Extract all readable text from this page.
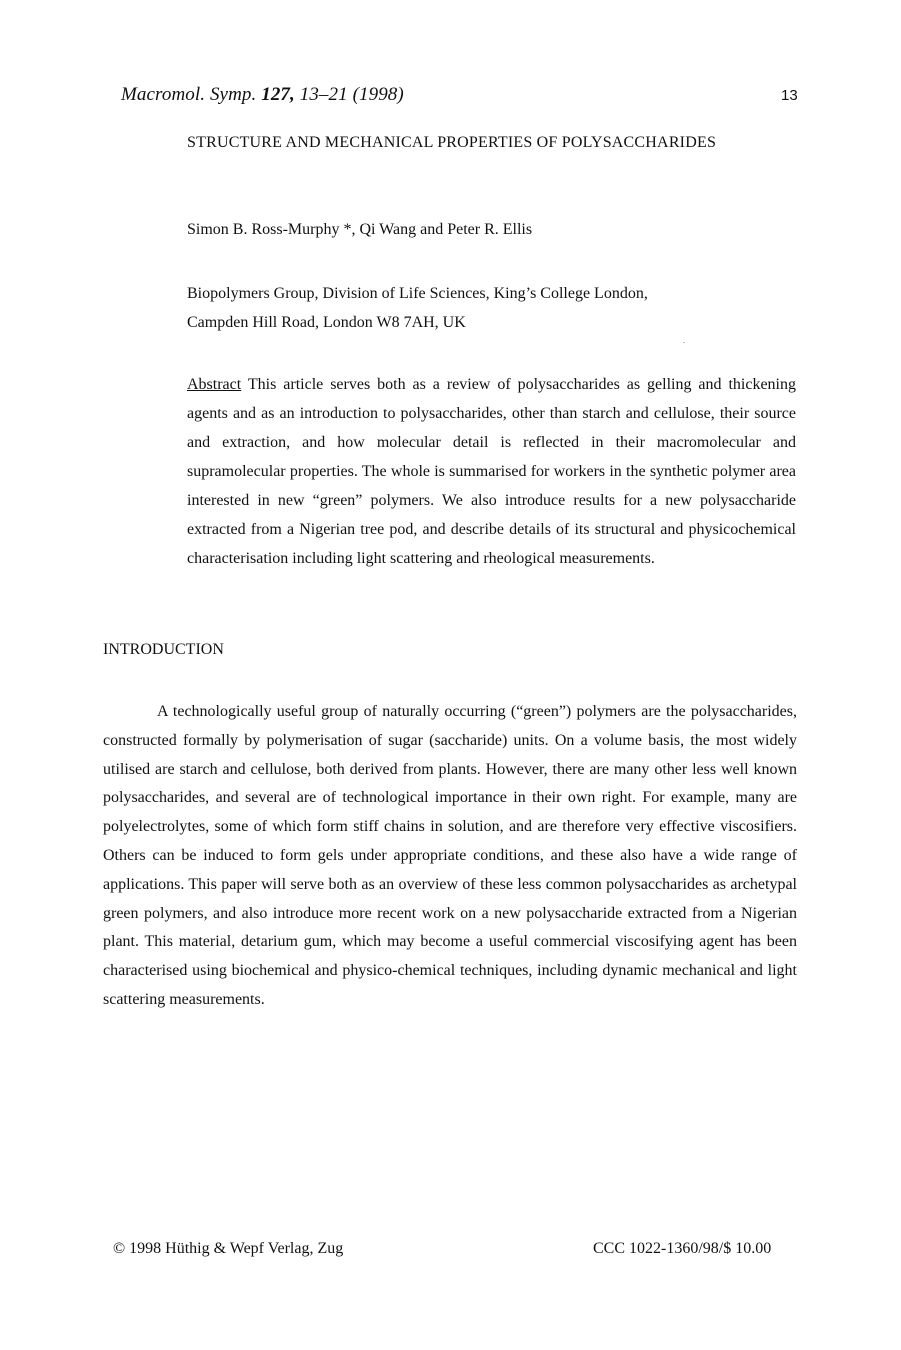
Macromol. Symp. 127, 13–21 (1998)	13
STRUCTURE AND MECHANICAL PROPERTIES OF POLYSACCHARIDES
Simon B. Ross-Murphy *, Qi Wang and Peter R. Ellis
Biopolymers Group, Division of Life Sciences, King’s College London,
Campden Hill Road, London W8 7AH, UK
Abstract This article serves both as a review of polysaccharides as gelling and thickening agents and as an introduction to polysaccharides, other than starch and cellulose, their source and extraction, and how molecular detail is reflected in their macromolecular and supramolecular properties. The whole is summarised for workers in the synthetic polymer area interested in new “green” polymers. We also introduce results for a new polysaccharide extracted from a Nigerian tree pod, and describe details of its structural and physicochemical characterisation including light scattering and rheological measurements.
INTRODUCTION
A technologically useful group of naturally occurring (“green”) polymers are the polysaccharides, constructed formally by polymerisation of sugar (saccharide) units. On a volume basis, the most widely utilised are starch and cellulose, both derived from plants. However, there are many other less well known polysaccharides, and several are of technological importance in their own right. For example, many are polyelectrolytes, some of which form stiff chains in solution, and are therefore very effective viscosifiers. Others can be induced to form gels under appropriate conditions, and these also have a wide range of applications. This paper will serve both as an overview of these less common polysaccharides as archetypal green polymers, and also introduce more recent work on a new polysaccharide extracted from a Nigerian plant. This material, detarium gum, which may become a useful commercial viscosifying agent has been characterised using biochemical and physico-chemical techniques, including dynamic mechanical and light scattering measurements.
© 1998 Hüthig & Wepf Verlag, Zug	CCC 1022-1360/98/$ 10.00
